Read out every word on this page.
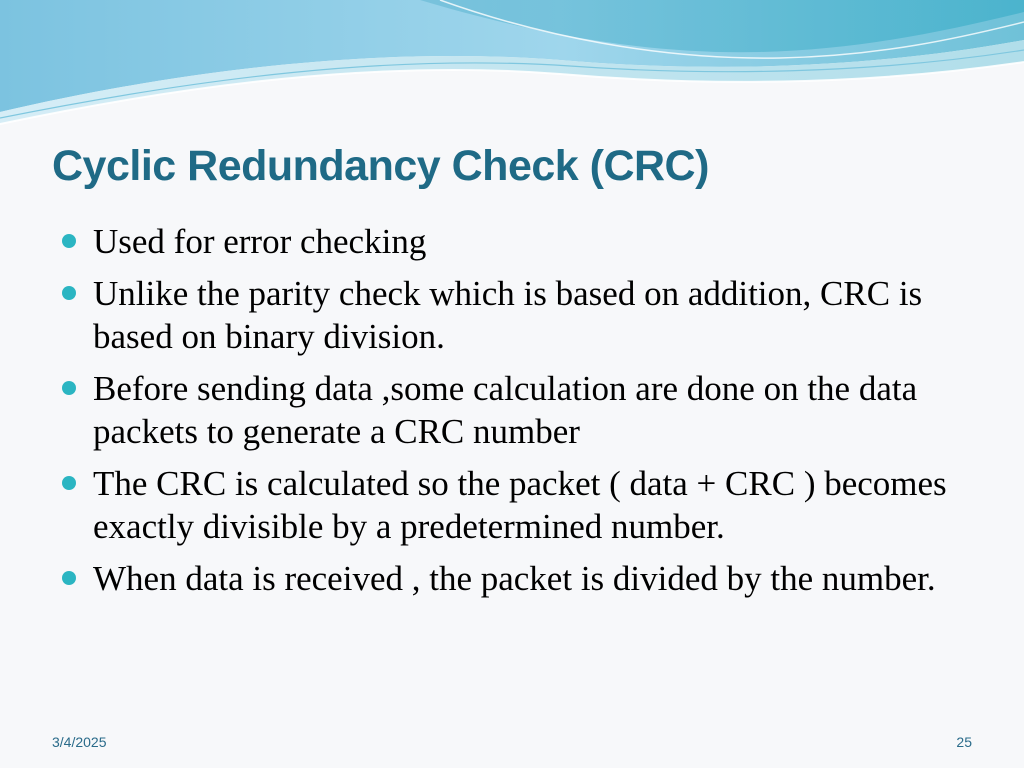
Cyclic Redundancy Check (CRC)
Used for error checking
Unlike the parity check which is based on addition, CRC is based on binary division.
Before sending data ,some calculation are done on the data packets to generate a CRC number
The CRC is calculated so the packet ( data + CRC ) becomes exactly divisible by a predetermined number.
When data is received , the packet is divided by the number.
3/4/2025	25
